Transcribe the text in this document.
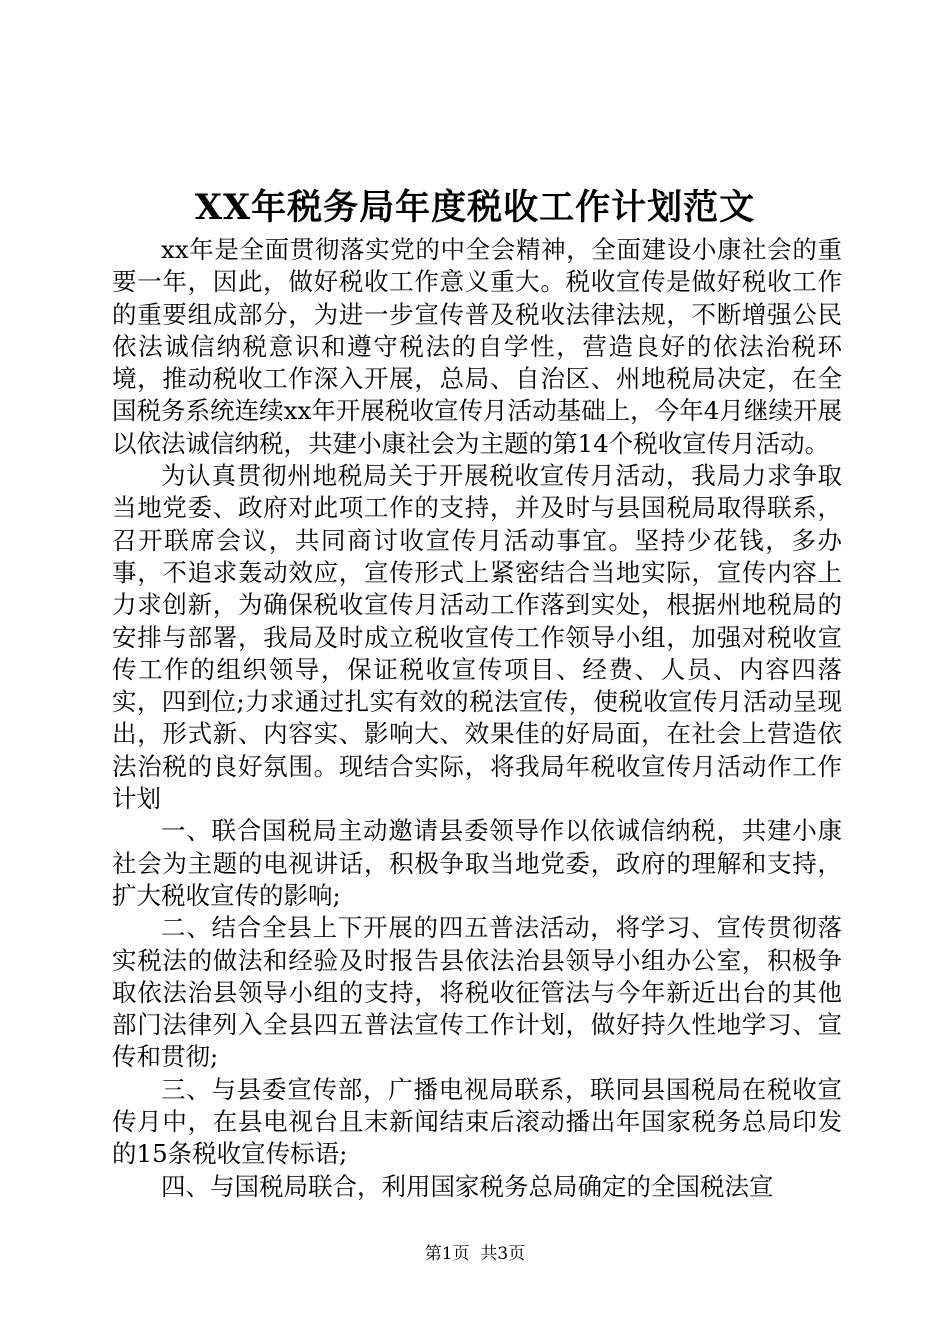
XX年税务局年度税收工作计划范文

xx年是全面贯彻落实党的中全会精神，全面建设小康社会的重要一年，因此，做好税收工作意义重大。税收宣传是做好税收工作的重要组成部分，为进一步宣传普及税收法律法规，不断增强公民依法诚信纳税意识和遵守税法的自学性，营造良好的依法治税环境，推动税收工作深入开展，总局、自治区、州地税局决定，在全国税务系统连续xx年开展税收宣传月活动基础上，今年4月继续开展以依法诚信纳税，共建小康社会为主题的第14个税收宣传月活动。

为认真贯彻州地税局关于开展税收宣传月活动，我局力求争取当地党委、政府对此项工作的支持，并及时与县国税局取得联系，召开联席会议，共同商讨收宣传月活动事宜。坚持少花钱，多办事，不追求轰动效应，宣传形式上紧密结合当地实际，宣传内容上力求创新，为确保税收宣传月活动工作落到实处，根据州地税局的安排与部署，我局及时成立税收宣传工作领导小组，加强对税收宣传工作的组织领导，保证税收宣传项目、经费、人员、内容四落实，四到位;力求通过扎实有效的税法宣传，使税收宣传月活动呈现出，形式新、内容实、影响大、效果佳的好局面，在社会上营造依法治税的良好氛围。现结合实际，将我局年税收宣传月活动作工作计划

一、联合国税局主动邀请县委领导作以依诚信纳税，共建小康社会为主题的电视讲话，积极争取当地党委，政府的理解和支持，扩大税收宣传的影响;

二、结合全县上下开展的四五普法活动，将学习、宣传贯彻落实税法的做法和经验及时报告县依法治县领导小组办公室，积极争取依法治县领导小组的支持，将税收征管法与今年新近出台的其他部门法律列入全县四五普法宣传工作计划，做好持久性地学习、宣传和贯彻;

三、与县委宣传部，广播电视局联系，联同县国税局在税收宣传月中，在县电视台且末新闻结束后滚动播出年国家税务总局印发的15条税收宣传标语;

四、与国税局联合，利用国家税务总局确定的全国税法宣

第1页 共3页
